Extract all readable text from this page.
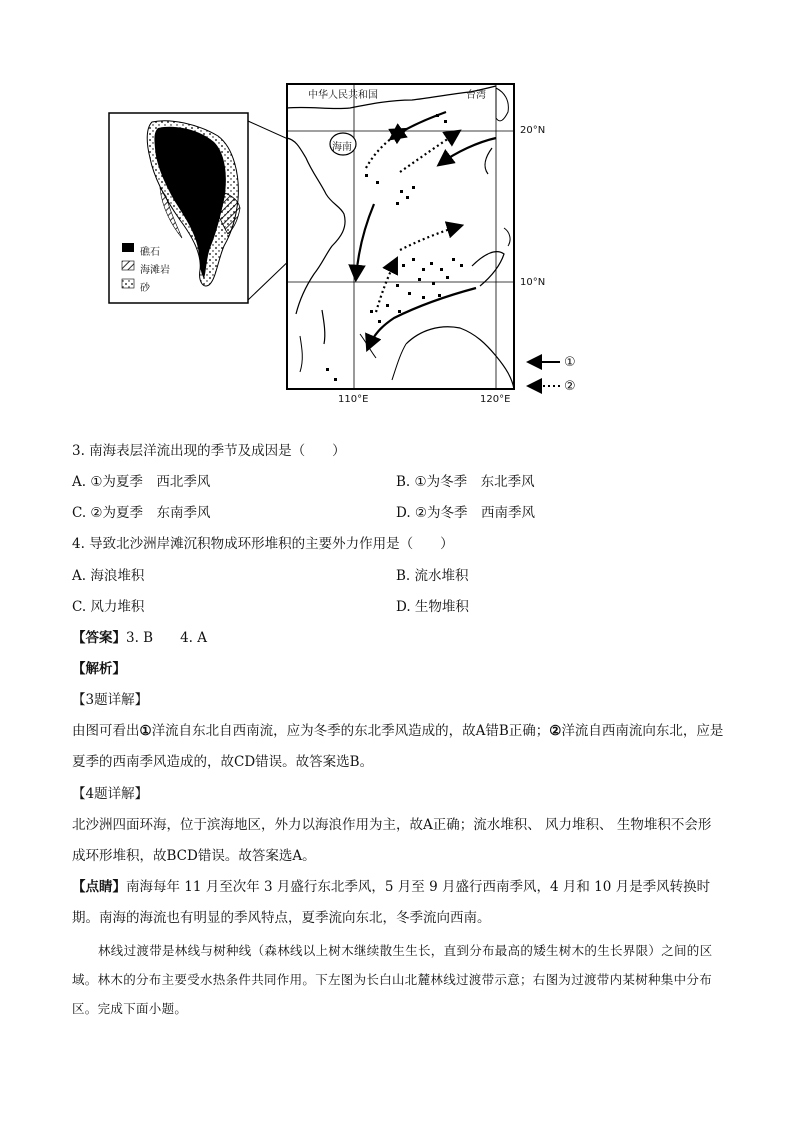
中华人民共和国	台湾
海南
20°N
10°N
110°E	120°E
礁石
海滩岩
砂
①
②
3. 南海表层洋流出现的季节及成因是（　　）
A. ①为夏季　西北季风	B. ①为冬季　东北季风
C. ②为夏季　东南季风	D. ②为冬季　西南季风
4. 导致北沙洲岸滩沉积物成环形堆积的主要外力作用是（　　）
A. 海浪堆积	B. 流水堆积
C. 风力堆积	D. 生物堆积
【答案】3. B　　4. A
【解析】
【3题详解】
由图可看出①洋流自东北自西南流，应为冬季的东北季风造成的，故A错B正确；②洋流自西南流向东北，应是夏季的西南季风造成的，故CD错误。故答案选B。
【4题详解】
北沙洲四面环海，位于滨海地区，外力以海浪作用为主，故A正确；流水堆积、 风力堆积、 生物堆积不会形成环形堆积，故BCD错误。故答案选A。
【点睛】南海每年 11 月至次年 3 月盛行东北季风，5 月至 9 月盛行西南季风，4 月和 10 月是季风转换时期。南海的海流也有明显的季风特点，夏季流向东北，冬季流向西南。
林线过渡带是林线与树种线（森林线以上树木继续散生生长，直到分布最高的矮生树木的生长界限）之间的区域。林木的分布主要受水热条件共同作用。下左图为长白山北麓林线过渡带示意；右图为过渡带内某树种集中分布区。完成下面小题。
